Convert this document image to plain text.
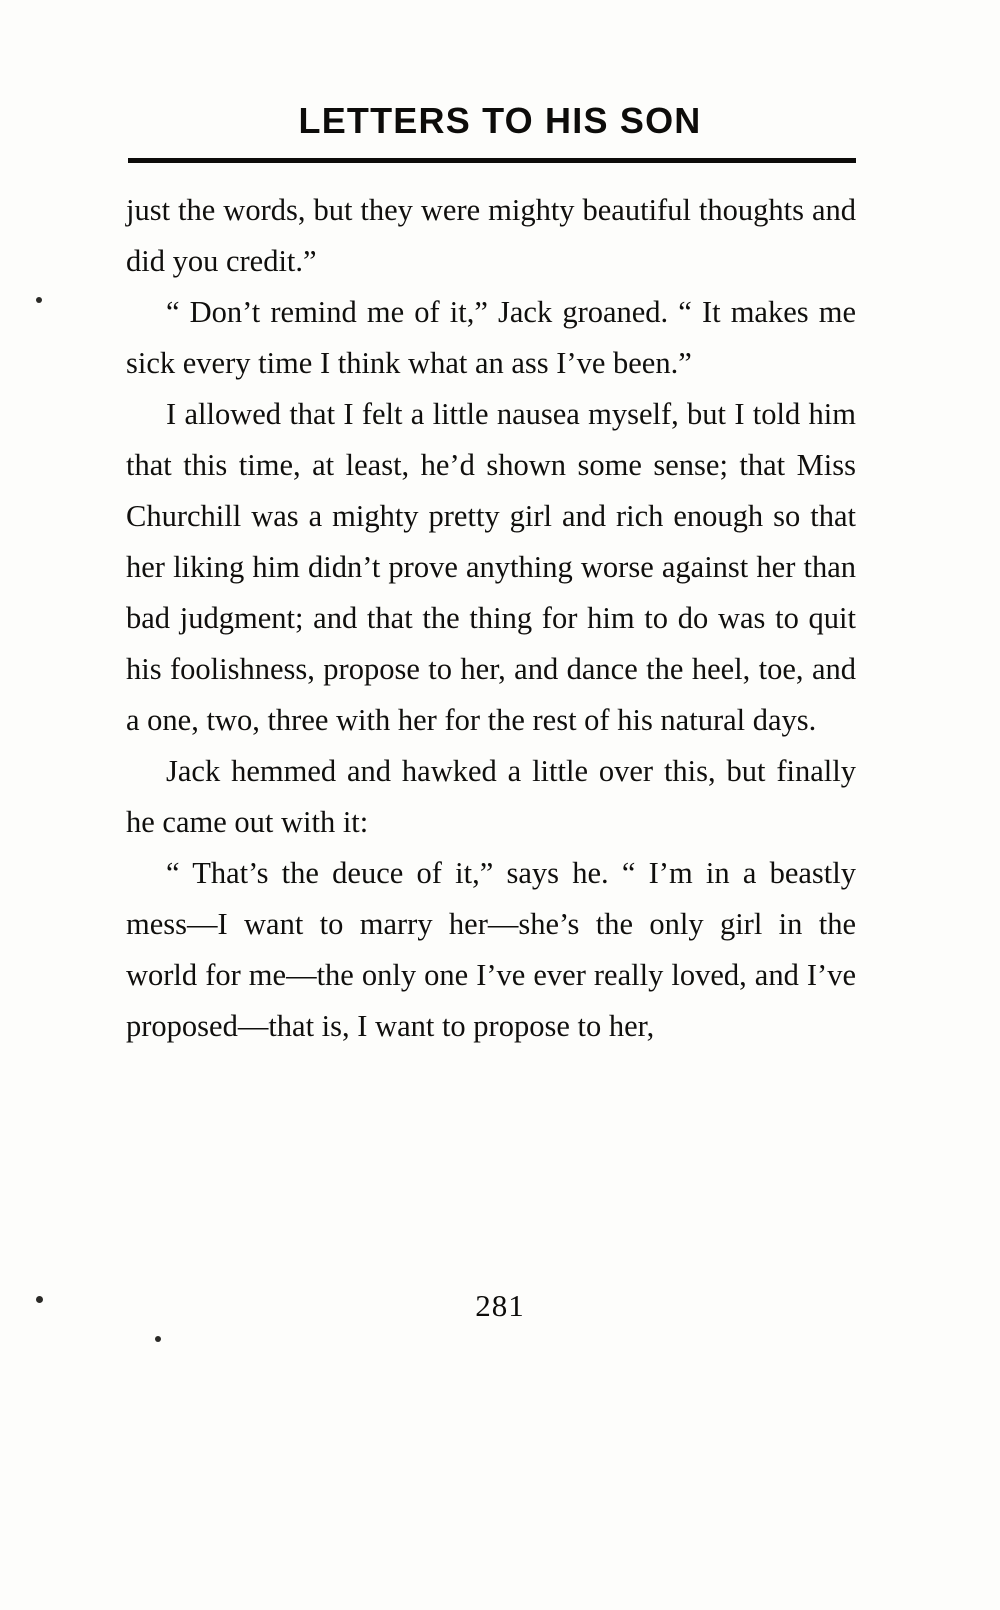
LETTERS TO HIS SON

just the words, but they were mighty beautiful thoughts and did you credit.”

“ Don’t remind me of it,” Jack groaned. “ It makes me sick every time I think what an ass I’ve been.”

I allowed that I felt a little nausea myself, but I told him that this time, at least, he’d shown some sense; that Miss Churchill was a mighty pretty girl and rich enough so that her liking him didn’t prove anything worse against her than bad judgment; and that the thing for him to do was to quit his foolishness, propose to her, and dance the heel, toe, and a one, two, three with her for the rest of his natural days.

Jack hemmed and hawked a little over this, but finally he came out with it:

“ That’s the deuce of it,” says he. “ I’m in a beastly mess—I want to marry her—she’s the only girl in the world for me—the only one I’ve ever really loved, and I’ve proposed—that is, I want to propose to her,

281
